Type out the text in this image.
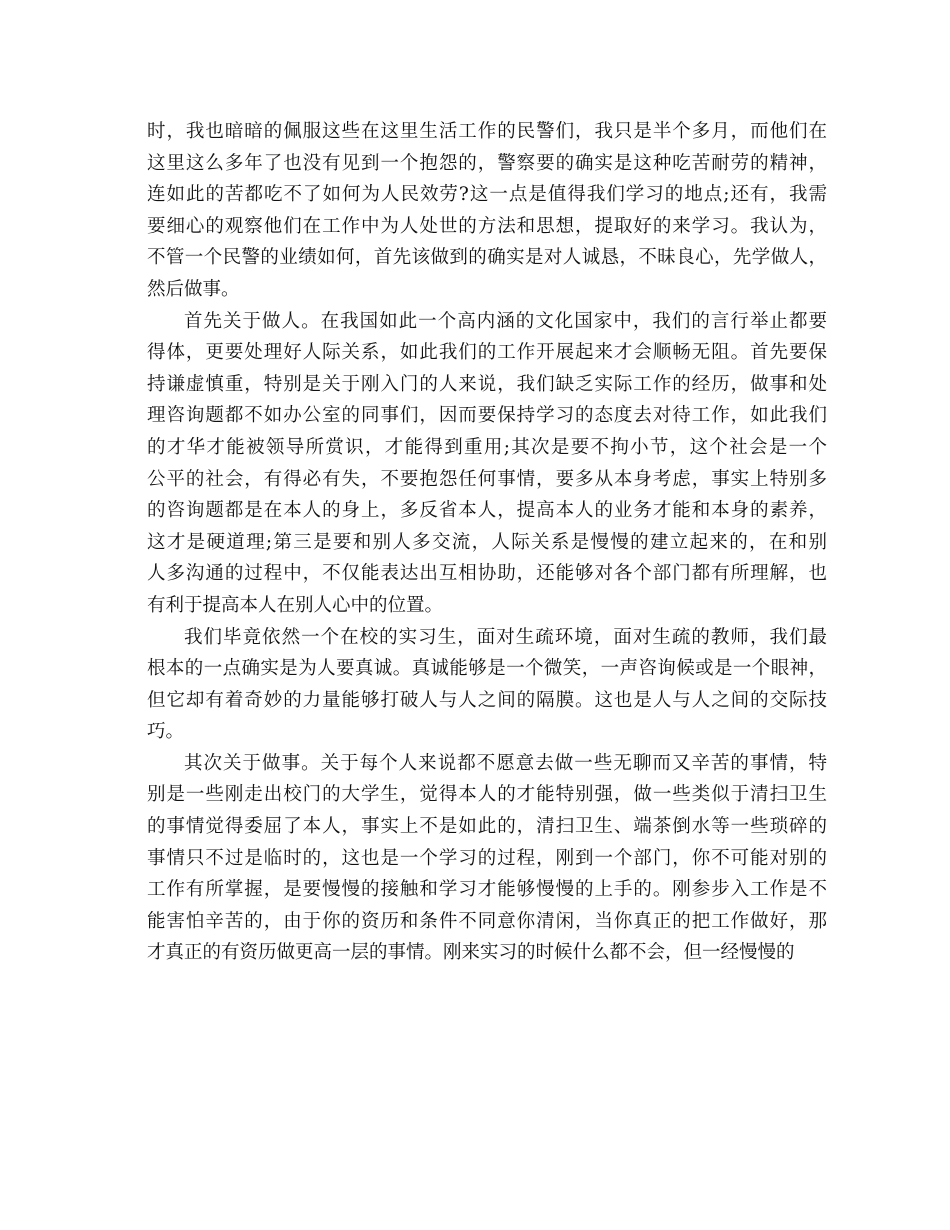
时，我也暗暗的佩服这些在这里生活工作的民警们，我只是半个多月，而他们在
这里这么多年了也没有见到一个抱怨的，警察要的确实是这种吃苦耐劳的精神，
连如此的苦都吃不了如何为人民效劳?这一点是值得我们学习的地点;还有，我需
要细心的观察他们在工作中为人处世的方法和思想，提取好的来学习。我认为，
不管一个民警的业绩如何，首先该做到的确实是对人诚恳，不昧良心，先学做人，
然后做事。
首先关于做人。在我国如此一个高内涵的文化国家中，我们的言行举止都要
得体，更要处理好人际关系，如此我们的工作开展起来才会顺畅无阻。首先要保
持谦虚慎重，特别是关于刚入门的人来说，我们缺乏实际工作的经历，做事和处
理咨询题都不如办公室的同事们，因而要保持学习的态度去对待工作，如此我们
的才华才能被领导所赏识，才能得到重用;其次是要不拘小节，这个社会是一个
公平的社会，有得必有失，不要抱怨任何事情，要多从本身考虑，事实上特别多
的咨询题都是在本人的身上，多反省本人，提高本人的业务才能和本身的素养，
这才是硬道理;第三是要和别人多交流，人际关系是慢慢的建立起来的，在和别
人多沟通的过程中，不仅能表达出互相协助，还能够对各个部门都有所理解，也
有利于提高本人在别人心中的位置。
我们毕竟依然一个在校的实习生，面对生疏环境，面对生疏的教师，我们最
根本的一点确实是为人要真诚。真诚能够是一个微笑，一声咨询候或是一个眼神，
但它却有着奇妙的力量能够打破人与人之间的隔膜。这也是人与人之间的交际技
巧。
其次关于做事。关于每个人来说都不愿意去做一些无聊而又辛苦的事情，特
别是一些刚走出校门的大学生，觉得本人的才能特别强，做一些类似于清扫卫生
的事情觉得委屈了本人，事实上不是如此的，清扫卫生、端茶倒水等一些琐碎的
事情只不过是临时的，这也是一个学习的过程，刚到一个部门，你不可能对别的
工作有所掌握，是要慢慢的接触和学习才能够慢慢的上手的。刚参步入工作是不
能害怕辛苦的，由于你的资历和条件不同意你清闲，当你真正的把工作做好，那
才真正的有资历做更高一层的事情。刚来实习的时候什么都不会，但一经慢慢的
